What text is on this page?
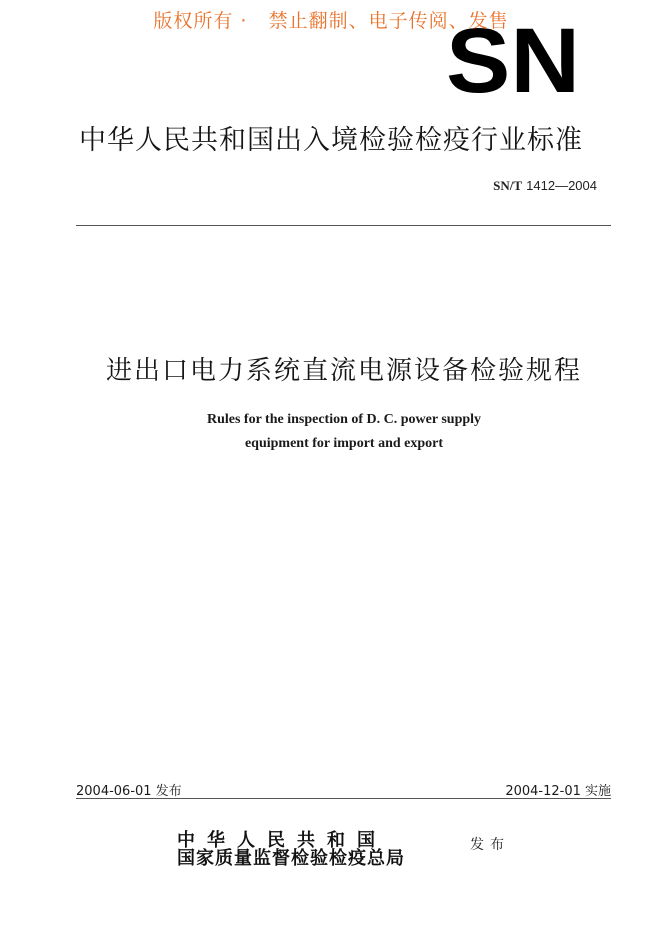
版权所有 ·   禁止翻制、电子传阅、发售
SN
中华人民共和国出入境检验检疫行业标准
SN/T 1412—2004
进出口电力系统直流电源设备检验规程
Rules for the inspection of D. C. power supply
equipment for import and export
2004-06-01 发布	2004-12-01 实施
中华人民共和国
国家质量监督检验检疫总局
发布
